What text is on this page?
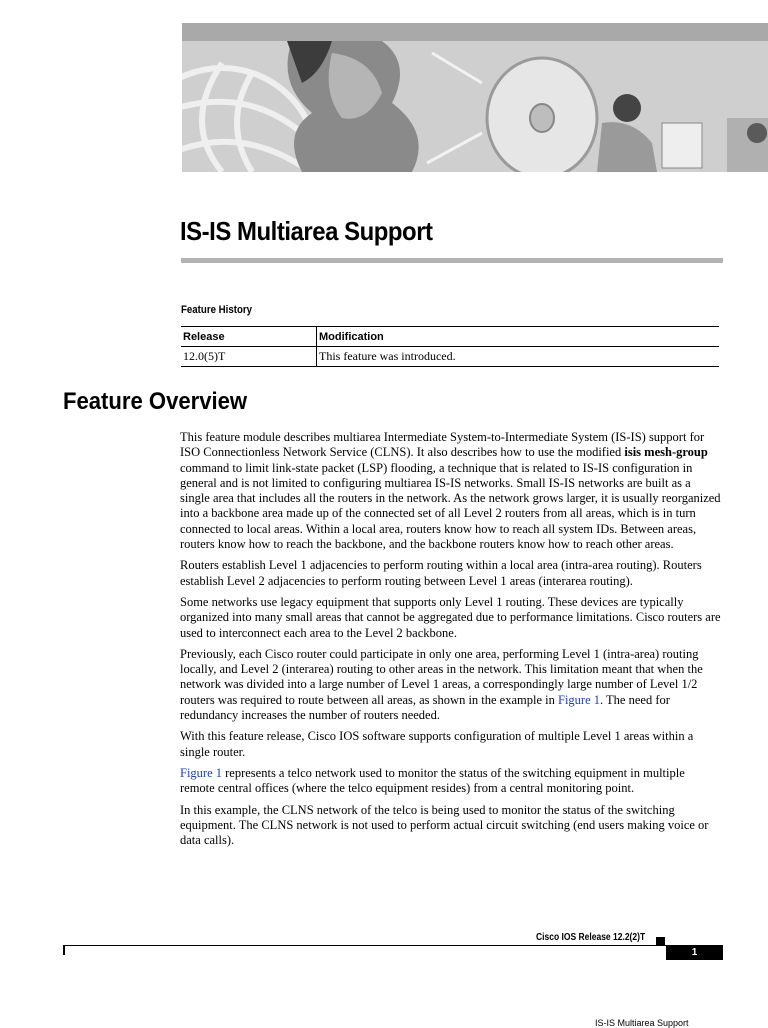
IS-IS Multiarea Support
Feature History
Release	Modification
12.0(5)T	This feature was introduced.
Feature Overview

This feature module describes multiarea Intermediate System-to-Intermediate System (IS-IS) support for ISO Connectionless Network Service (CLNS). It also describes how to use the modified isis mesh-group command to limit link-state packet (LSP) flooding, a technique that is related to IS-IS configuration in general and is not limited to configuring multiarea IS-IS networks. Small IS-IS networks are built as a single area that includes all the routers in the network. As the network grows larger, it is usually reorganized into a backbone area made up of the connected set of all Level 2 routers from all areas, which is in turn connected to local areas. Within a local area, routers know how to reach all system IDs. Between areas, routers know how to reach the backbone, and the backbone routers know how to reach other areas.

Routers establish Level 1 adjacencies to perform routing within a local area (intra-area routing). Routers establish Level 2 adjacencies to perform routing between Level 1 areas (interarea routing).

Some networks use legacy equipment that supports only Level 1 routing. These devices are typically organized into many small areas that cannot be aggregated due to performance limitations. Cisco routers are used to interconnect each area to the Level 2 backbone.

Previously, each Cisco router could participate in only one area, performing Level 1 (intra-area) routing locally, and Level 2 (interarea) routing to other areas in the network. This limitation meant that when the network was divided into a large number of Level 1 areas, a correspondingly large number of Level 1/2 routers was required to route between all areas, as shown in the example in Figure 1. The need for redundancy increases the number of routers needed.

With this feature release, Cisco IOS software supports configuration of multiple Level 1 areas within a single router.

Figure 1 represents a telco network used to monitor the status of the switching equipment in multiple remote central offices (where the telco equipment resides) from a central monitoring point.

In this example, the CLNS network of the telco is being used to monitor the status of the switching equipment. The CLNS network is not used to perform actual circuit switching (end users making voice or data calls).

Cisco IOS Release 12.2(2)T
1
IS-IS Multiarea Support
